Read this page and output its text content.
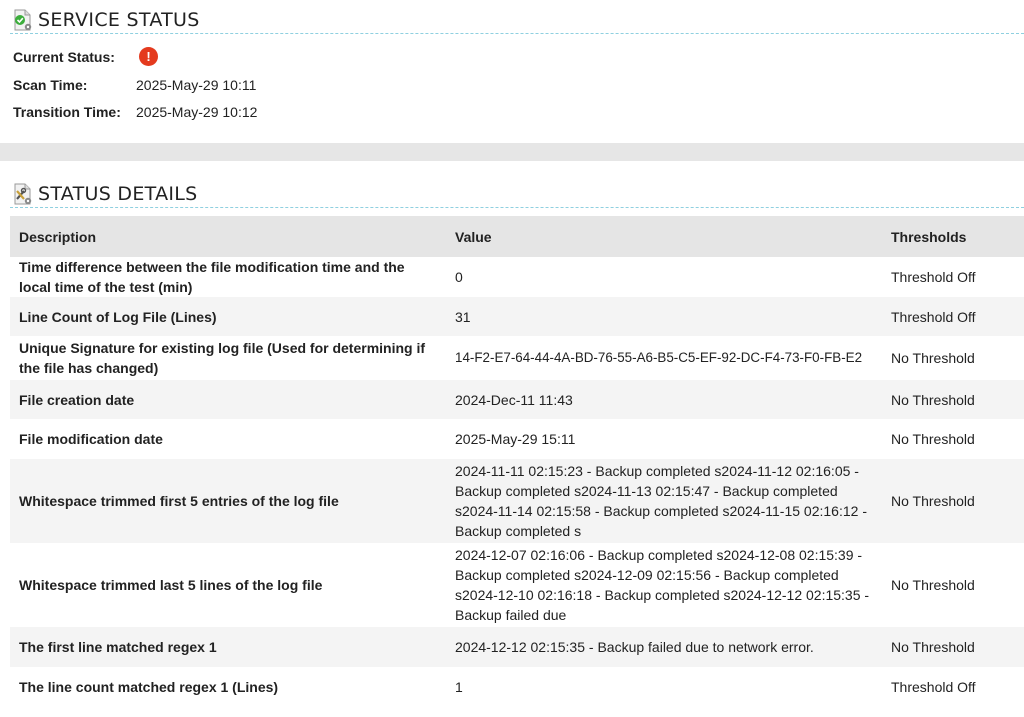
SERVICE STATUS
Current Status:	!
Scan Time:	2025-May-29 10:11
Transition Time: 2025-May-29 10:12
STATUS DETAILS
Description	Value	Thresholds
Time difference between the file modification time and the local time of the test (min)	0	Threshold Off
Line Count of Log File (Lines)	31	Threshold Off
Unique Signature for existing log file (Used for determining if the file has changed)	14-F2-E7-64-44-4A-BD-76-55-A6-B5-C5-EF-92-DC-F4-73-F0-FB-E2	No Threshold
File creation date	2024-Dec-11 11:43	No Threshold
File modification date	2025-May-29 15:11	No Threshold
Whitespace trimmed first 5 entries of the log file	2024-11-11 02:15:23 - Backup completed s2024-11-12 02:16:05 - Backup completed s2024-11-13 02:15:47 - Backup completed s2024-11-14 02:15:58 - Backup completed s2024-11-15 02:16:12 - Backup completed s	No Threshold
Whitespace trimmed last 5 lines of the log file	2024-12-07 02:16:06 - Backup completed s2024-12-08 02:15:39 - Backup completed s2024-12-09 02:15:56 - Backup completed s2024-12-10 02:16:18 - Backup completed s2024-12-12 02:15:35 - Backup failed due	No Threshold
The first line matched regex 1	2024-12-12 02:15:35 - Backup failed due to network error.	No Threshold
The line count matched regex 1 (Lines)	1	Threshold Off
